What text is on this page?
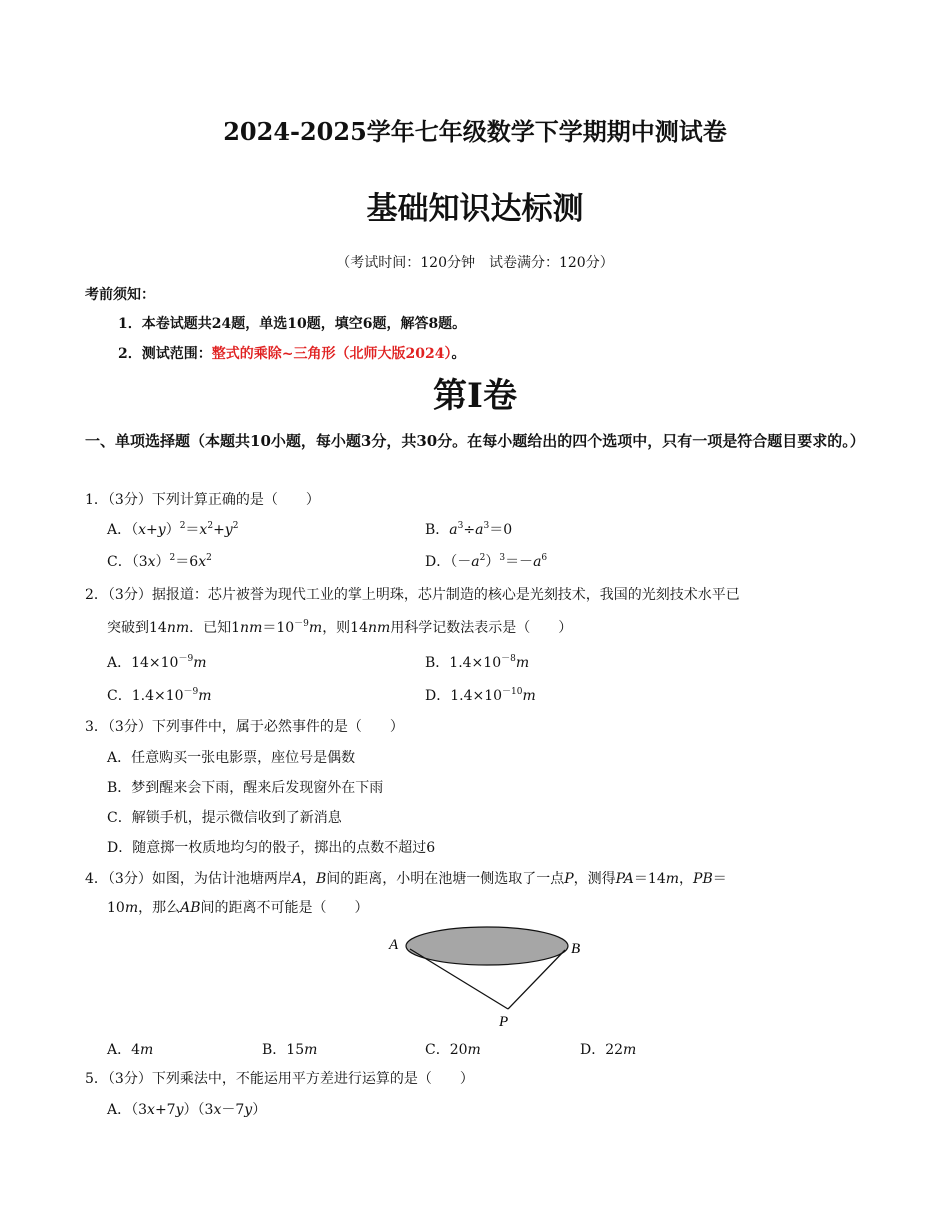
2024-2025学年七年级数学下学期期中测试卷
基础知识达标测
（考试时间：120分钟　试卷满分：120分）
考前须知：
1．本卷试题共24题，单选10题，填空6题，解答8题。
2．测试范围：整式的乘除~三角形（北师大版2024）。
第Ⅰ卷
一、单项选择题（本题共10小题，每小题3分，共30分。在每小题给出的四个选项中，只有一项是符合题目要求的。）
1．（3分）下列计算正确的是（　　）
A．$(x+y)^2=x^2+y^2$	B．$a^3\div a^3=0$
C．$(3x)^2=6x^2$	D．$(-a^2)^3=-a^6$
2．（3分）据报道：芯片被誉为现代工业的掌上明珠，芯片制造的核心是光刻技术，我国的光刻技术水平已
突破到14nm．已知$1nm=10^{-9}m$，则14nm用科学记数法表示是（　　）
A．$14\times 10^{-9}m$	B．$1.4\times 10^{-8}m$
C．$1.4\times 10^{-9}m$	D．$1.4\times 10^{-10}m$
3．（3分）下列事件中，属于必然事件的是（　　）
A．任意购买一张电影票，座位号是偶数
B．梦到醒来会下雨，醒来后发现窗外在下雨
C．解锁手机，提示微信收到了新消息
D．随意掷一枚质地均匀的骰子，掷出的点数不超过6
4．（3分）如图，为估计池塘两岸A，B间的距离，小明在池塘一侧选取了一点P，测得PA＝14m，PB＝
10m，那么AB间的距离不可能是（　　）
A	B
P
A．4m	B．15m	C．20m	D．22m
5．（3分）下列乘法中，不能运用平方差进行运算的是（　　）
A．（3x+7y）（3x－7y）
